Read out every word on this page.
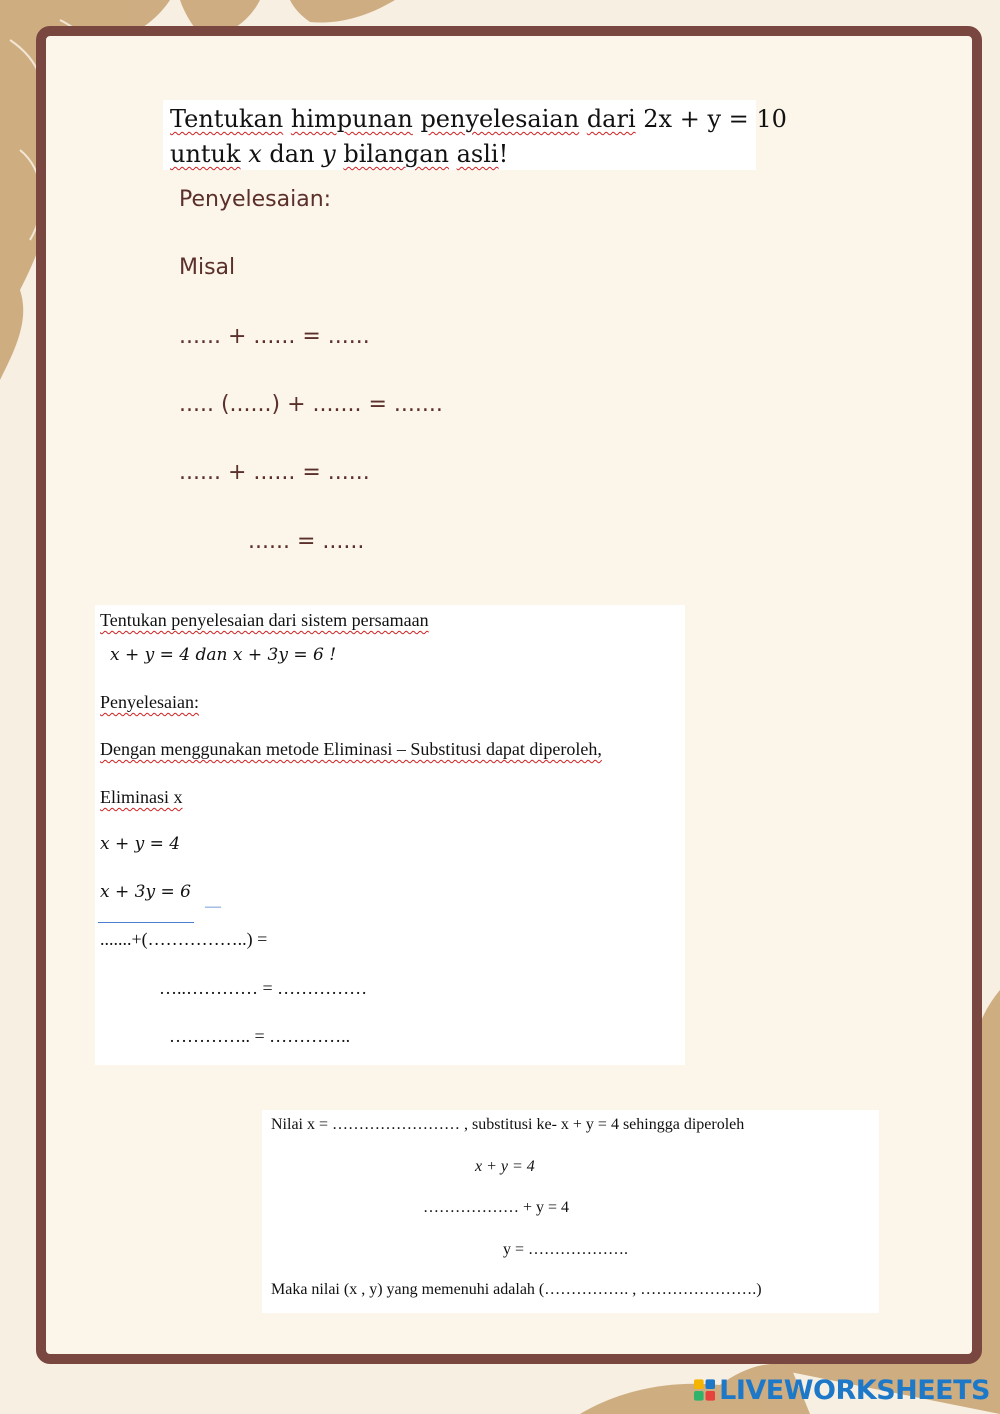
Tentukan himpunan penyelesaian dari 2x + y = 10
untuk x dan y bilangan asli!
Penyelesaian:
Misal
...... + ...... = ......
..... (......) + ....... = .......
...... + ...... = ......
...... = ......
Tentukan penyelesaian dari sistem persamaan
x + y = 4 dan x + 3y = 6 !
Penyelesaian:
Dengan menggunakan metode Eliminasi – Substitusi dapat diperoleh,
Eliminasi x
x + y = 4
x + 3y = 6
—
.......+(……………..) =
…..………… = ……………
………….. = …………..
Nilai x = …………………… , substitusi ke- x + y = 4 sehingga diperoleh
x + y = 4
……………… + y = 4
y = ……………….
Maka nilai (x , y) yang memenuhi adalah (……………. , ………………….)
LIVEWORKSHEETS
